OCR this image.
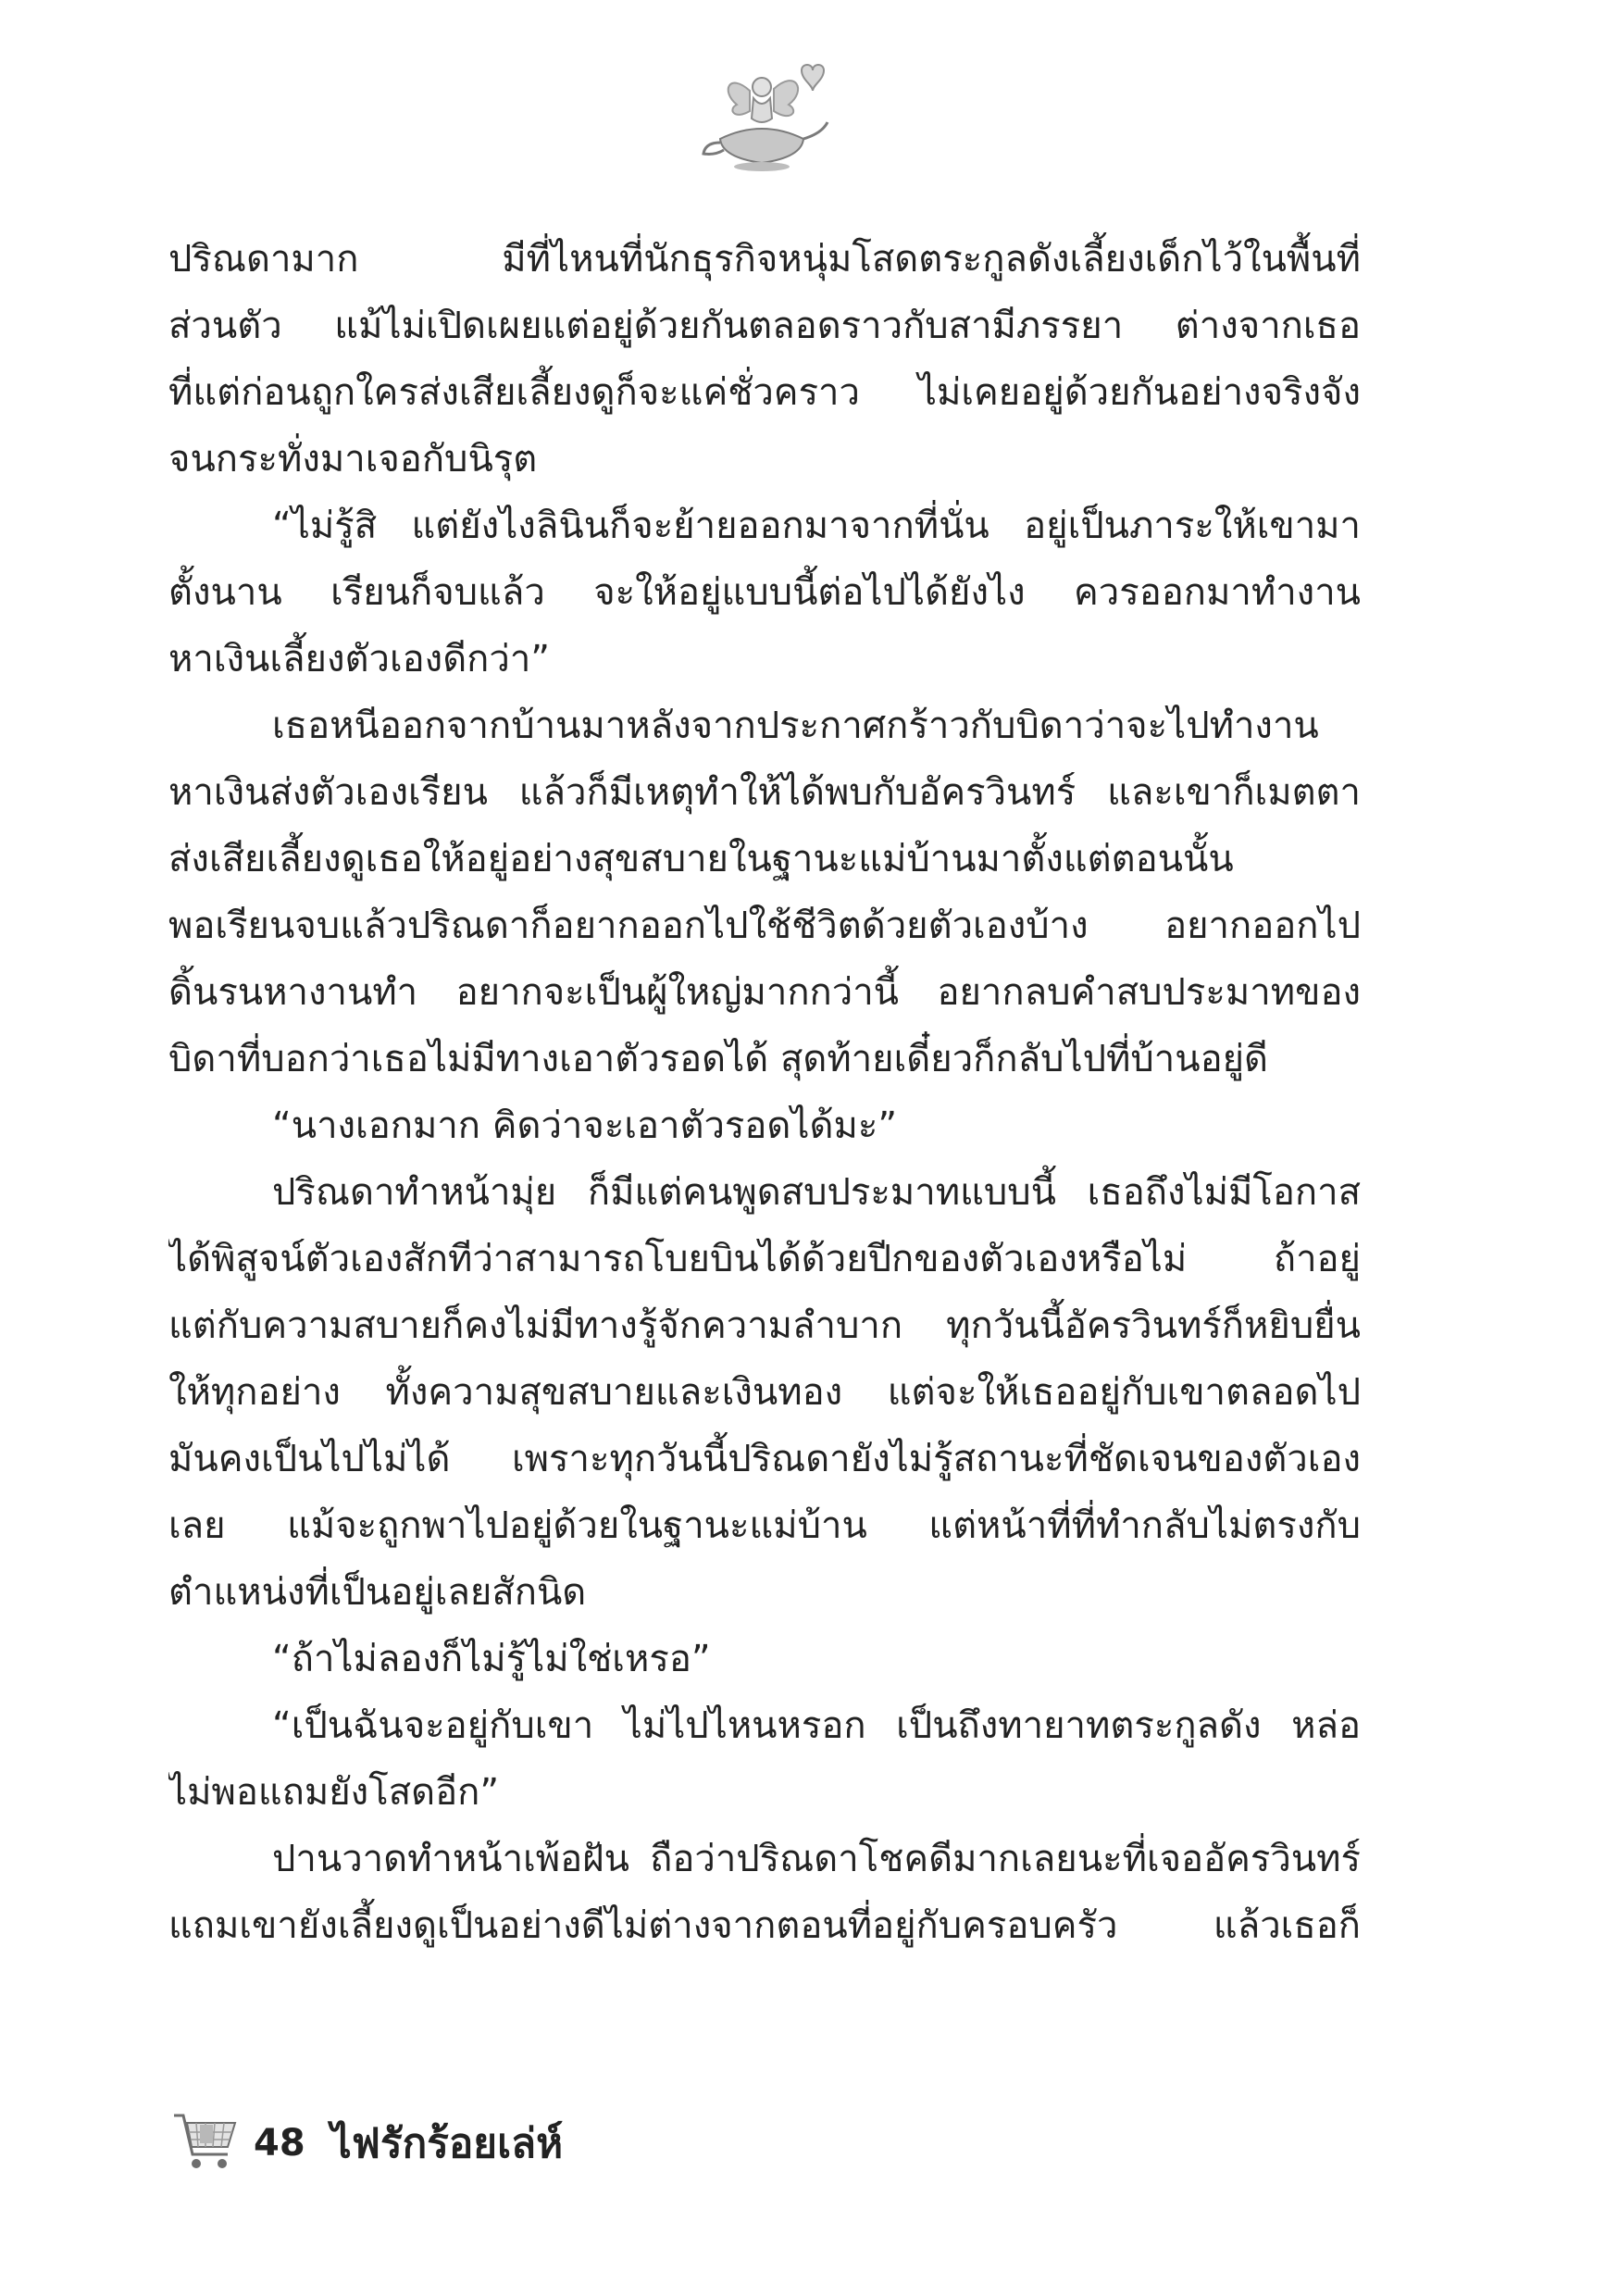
ปริณดามาก มีที่ไหนที่นักธุรกิจหนุ่มโสดตระกูลดังเลี้ยงเด็กไว้ในพื้นที่
ส่วนตัว แม้ไม่เปิดเผยแต่อยู่ด้วยกันตลอดราวกับสามีภรรยา ต่างจากเธอ
ที่แต่ก่อนถูกใครส่งเสียเลี้ยงดูก็จะแค่ชั่วคราว ไม่เคยอยู่ด้วยกันอย่างจริงจัง
จนกระทั่งมาเจอกับนิรุต
“ไม่รู้สิ แต่ยังไงลินินก็จะย้ายออกมาจากที่นั่น อยู่เป็นภาระให้เขามา
ตั้งนาน เรียนก็จบแล้ว จะให้อยู่แบบนี้ต่อไปได้ยังไง ควรออกมาทำงาน
หาเงินเลี้ยงตัวเองดีกว่า”
เธอหนีออกจากบ้านมาหลังจากประกาศกร้าวกับบิดาว่าจะไปทำงาน
หาเงินส่งตัวเองเรียน แล้วก็มีเหตุทำให้ได้พบกับอัครวินทร์ และเขาก็เมตตา
ส่งเสียเลี้ยงดูเธอให้อยู่อย่างสุขสบายในฐานะแม่บ้านมาตั้งแต่ตอนนั้น
พอเรียนจบแล้วปริณดาก็อยากออกไปใช้ชีวิตด้วยตัวเองบ้าง อยากออกไป
ดิ้นรนหางานทำ อยากจะเป็นผู้ใหญ่มากกว่านี้ อยากลบคำสบประมาทของ
บิดาที่บอกว่าเธอไม่มีทางเอาตัวรอดได้ สุดท้ายเดี๋ยวก็กลับไปที่บ้านอยู่ดี
“นางเอกมาก คิดว่าจะเอาตัวรอดได้มะ”
ปริณดาทำหน้ามุ่ย ก็มีแต่คนพูดสบประมาทแบบนี้ เธอถึงไม่มีโอกาส
ได้พิสูจน์ตัวเองสักทีว่าสามารถโบยบินได้ด้วยปีกของตัวเองหรือไม่ ถ้าอยู่
แต่กับความสบายก็คงไม่มีทางรู้จักความลำบาก ทุกวันนี้อัครวินทร์ก็หยิบยื่น
ให้ทุกอย่าง ทั้งความสุขสบายและเงินทอง แต่จะให้เธออยู่กับเขาตลอดไป
มันคงเป็นไปไม่ได้ เพราะทุกวันนี้ปริณดายังไม่รู้สถานะที่ชัดเจนของตัวเอง
เลย แม้จะถูกพาไปอยู่ด้วยในฐานะแม่บ้าน แต่หน้าที่ที่ทำกลับไม่ตรงกับ
ตำแหน่งที่เป็นอยู่เลยสักนิด
“ถ้าไม่ลองก็ไม่รู้ไม่ใช่เหรอ”
“เป็นฉันจะอยู่กับเขา ไม่ไปไหนหรอก เป็นถึงทายาทตระกูลดัง หล่อ
ไม่พอแถมยังโสดอีก”
ปานวาดทำหน้าเพ้อฝัน ถือว่าปริณดาโชคดีมากเลยนะที่เจออัครวินทร์
แถมเขายังเลี้ยงดูเป็นอย่างดีไม่ต่างจากตอนที่อยู่กับครอบครัว แล้วเธอก็
48 ไฟรักร้อยเล่ห์
